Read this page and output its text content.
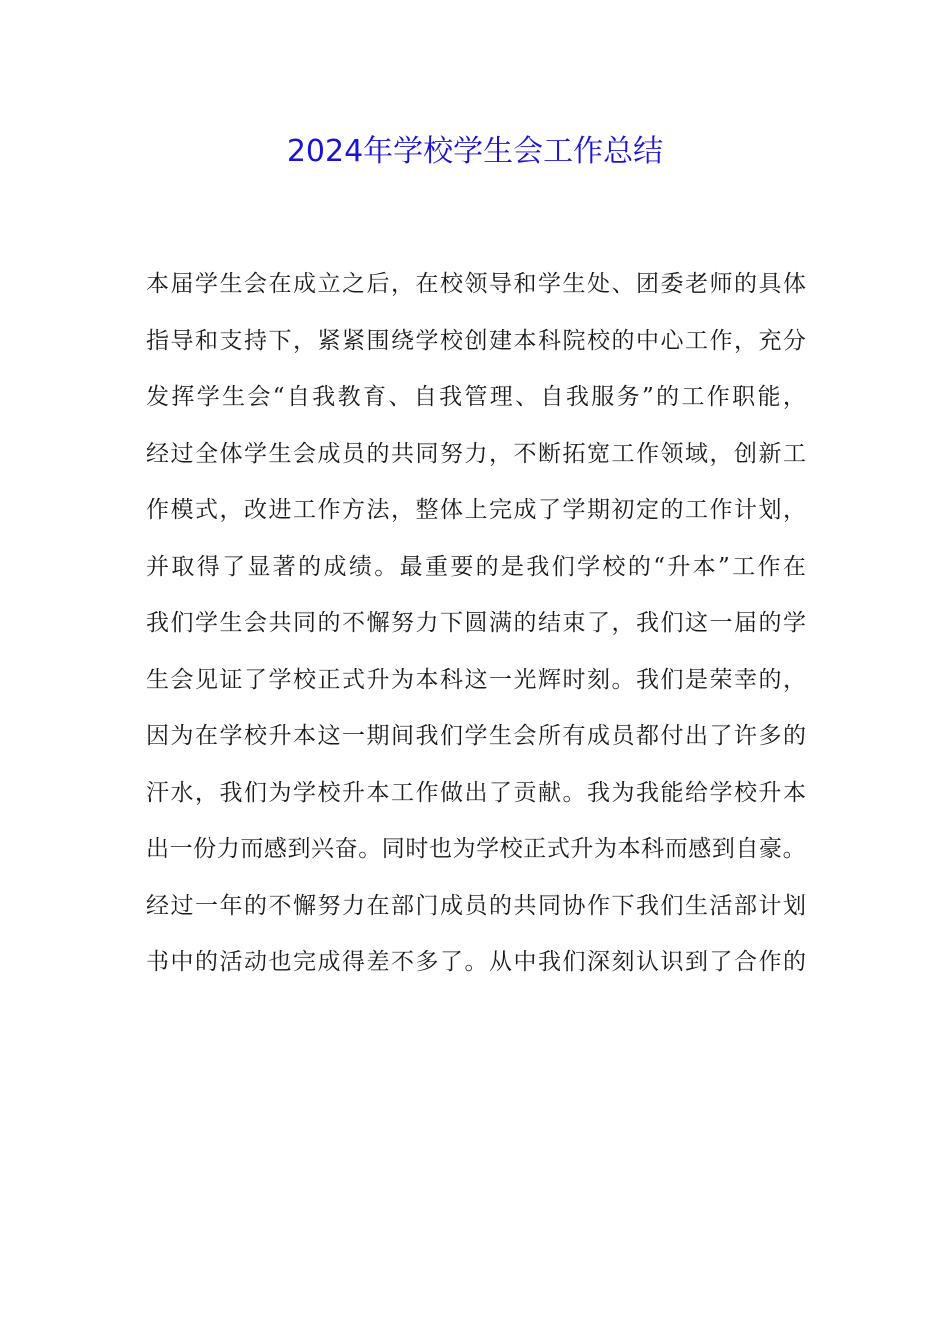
2024年学校学生会工作总结
本 届 学 生 会 在 成 立 之 后 ， 在 校 领 导 和 学 生 处 、 团 委 老 师 的 具 体
指 导 和 支 持 下 ， 紧 紧 围 绕 学 校 创 建 本 科 院 校 的 中 心 工 作 ， 充 分
发 挥 学 生 会 “ 自 我 教 育 、 自 我 管 理 、 自 我 服 务 ” 的 工 作 职 能 ，
经 过 全 体 学 生 会 成 员 的 共 同 努 力 ， 不 断 拓 宽 工 作 领 域 ， 创 新 工
作 模 式 ， 改 进 工 作 方 法 ， 整 体 上 完 成 了 学 期 初 定 的 工 作 计 划 ，
并 取 得 了 显 著 的 成 绩 。 最 重 要 的 是 我 们 学 校 的 “ 升 本 ” 工 作 在
我 们 学 生 会 共 同 的 不 懈 努 力 下 圆 满 的 结 束 了 ， 我 们 这 一 届 的 学
生 会 见 证 了 学 校 正 式 升 为 本 科 这 一 光 辉 时 刻 。 我 们 是 荣 幸 的 ，
因 为 在 学 校 升 本 这 一 期 间 我 们 学 生 会 所 有 成 员 都 付 出 了 许 多 的
汗 水 ， 我 们 为 学 校 升 本 工 作 做 出 了 贡 献 。 我 为 我 能 给 学 校 升 本
出 一 份 力 而 感 到 兴 奋 。 同 时 也 为 学 校 正 式 升 为 本 科 而 感 到 自 豪 。
经 过 一 年 的 不 懈 努 力 在 部 门 成 员 的 共 同 协 作 下 我 们 生 活 部 计 划
书 中 的 活 动 也 完 成 得 差 不 多 了 。 从 中 我 们 深 刻 认 识 到 了 合 作 的
